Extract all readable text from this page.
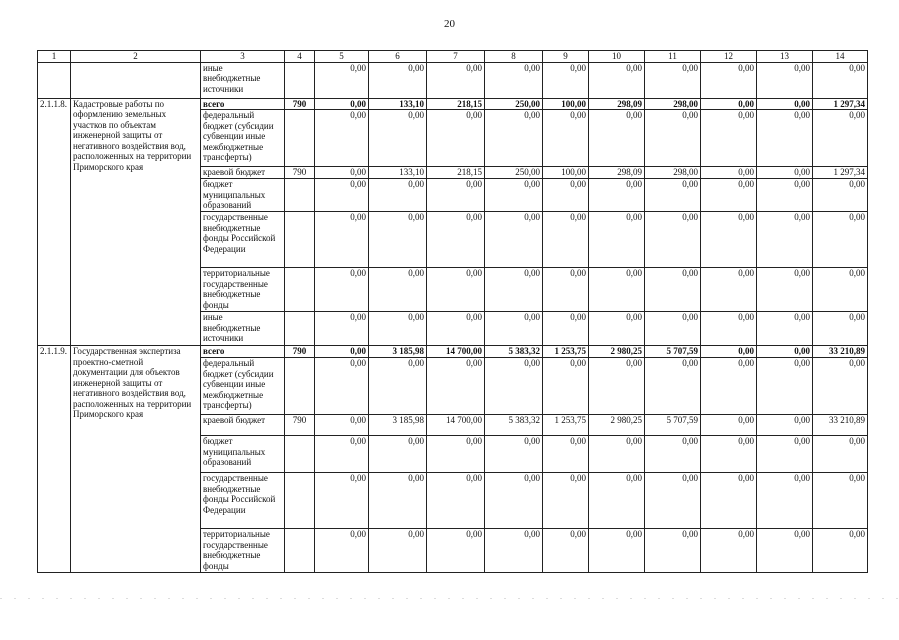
20
1	2	3	4	5	6	7	8	9	10	11	12	13	14
		иные внебюджетные источники		0,00	0,00	0,00	0,00	0,00	0,00	0,00	0,00	0,00	0,00
2.1.1.8.	Кадастровые работы по оформлению земельных участков по объектам инженерной защиты от негативного воздействия вод, расположенных на территории Приморского края	всего	790	0,00	133,10	218,15	250,00	100,00	298,09	298,00	0,00	0,00	1 297,34
		федеральный бюджет (субсидии субвенции иные межбюджетные трансферты)		0,00	0,00	0,00	0,00	0,00	0,00	0,00	0,00	0,00	0,00
		краевой бюджет	790	0,00	133,10	218,15	250,00	100,00	298,09	298,00	0,00	0,00	1 297,34
		бюджет муниципальных образований		0,00	0,00	0,00	0,00	0,00	0,00	0,00	0,00	0,00	0,00
		государственные внебюджетные фонды Российской Федерации		0,00	0,00	0,00	0,00	0,00	0,00	0,00	0,00	0,00	0,00
		территориальные государственные внебюджетные фонды		0,00	0,00	0,00	0,00	0,00	0,00	0,00	0,00	0,00	0,00
		иные внебюджетные источники		0,00	0,00	0,00	0,00	0,00	0,00	0,00	0,00	0,00	0,00
2.1.1.9.	Государственная экспертиза проектно-сметной документации для объектов инженерной защиты от негативного воздействия вод, расположенных на территории Приморского края	всего	790	0,00	3 185,98	14 700,00	5 383,32	1 253,75	2 980,25	5 707,59	0,00	0,00	33 210,89
		федеральный бюджет (субсидии субвенции иные межбюджетные трансферты)		0,00	0,00	0,00	0,00	0,00	0,00	0,00	0,00	0,00	0,00
		краевой бюджет	790	0,00	3 185,98	14 700,00	5 383,32	1 253,75	2 980,25	5 707,59	0,00	0,00	33 210,89
		бюджет муниципальных образований		0,00	0,00	0,00	0,00	0,00	0,00	0,00	0,00	0,00	0,00
		государственные внебюджетные фонды Российской Федерации		0,00	0,00	0,00	0,00	0,00	0,00	0,00	0,00	0,00	0,00
		территориальные государственные внебюджетные фонды		0,00	0,00	0,00	0,00	0,00	0,00	0,00	0,00	0,00	0,00
